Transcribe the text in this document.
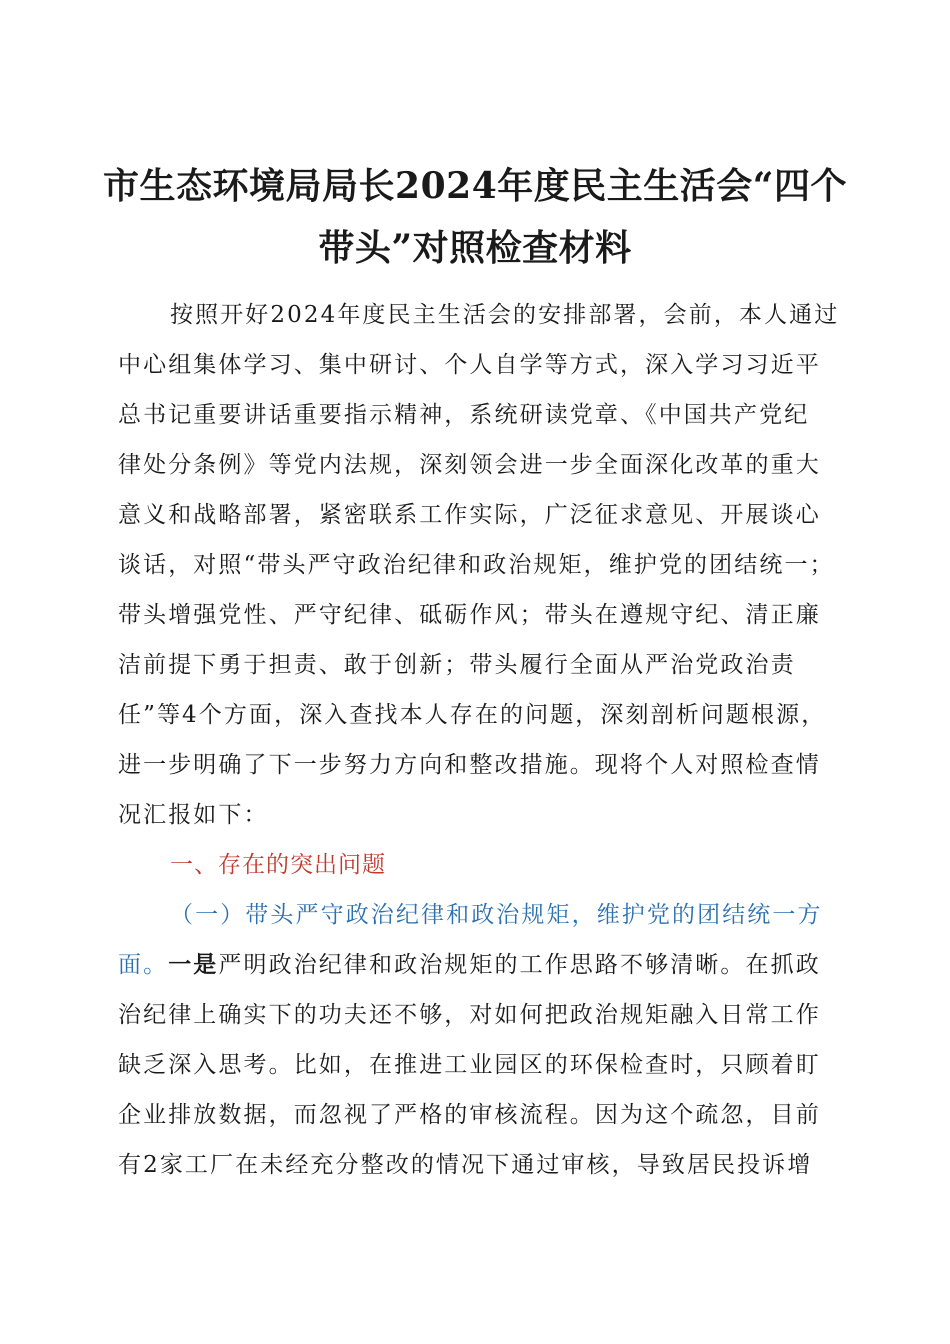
市生态环境局局长2024年度民主生活会“四个
带头”对照检查材料
按照开好2024年度民主生活会的安排部署，会前，本人通过
中心组集体学习、集中研讨、个人自学等方式，深入学习习近平
总书记重要讲话重要指示精神，系统研读党章、《中国共产党纪
律处分条例》等党内法规，深刻领会进一步全面深化改革的重大
意义和战略部署，紧密联系工作实际，广泛征求意见、开展谈心
谈话，对照“带头严守政治纪律和政治规矩，维护党的团结统一；
带头增强党性、严守纪律、砥砺作风；带头在遵规守纪、清正廉
洁前提下勇于担责、敢于创新；带头履行全面从严治党政治责
任”等4个方面，深入查找本人存在的问题，深刻剖析问题根源，
进一步明确了下一步努力方向和整改措施。现将个人对照检查情
况汇报如下：
一、存在的突出问题
（一）带头严守政治纪律和政治规矩，维护党的团结统一方
面。一是严明政治纪律和政治规矩的工作思路不够清晰。在抓政
治纪律上确实下的功夫还不够，对如何把政治规矩融入日常工作
缺乏深入思考。比如，在推进工业园区的环保检查时，只顾着盯
企业排放数据，而忽视了严格的审核流程。因为这个疏忽，目前
有2家工厂在未经充分整改的情况下通过审核，导致居民投诉增
